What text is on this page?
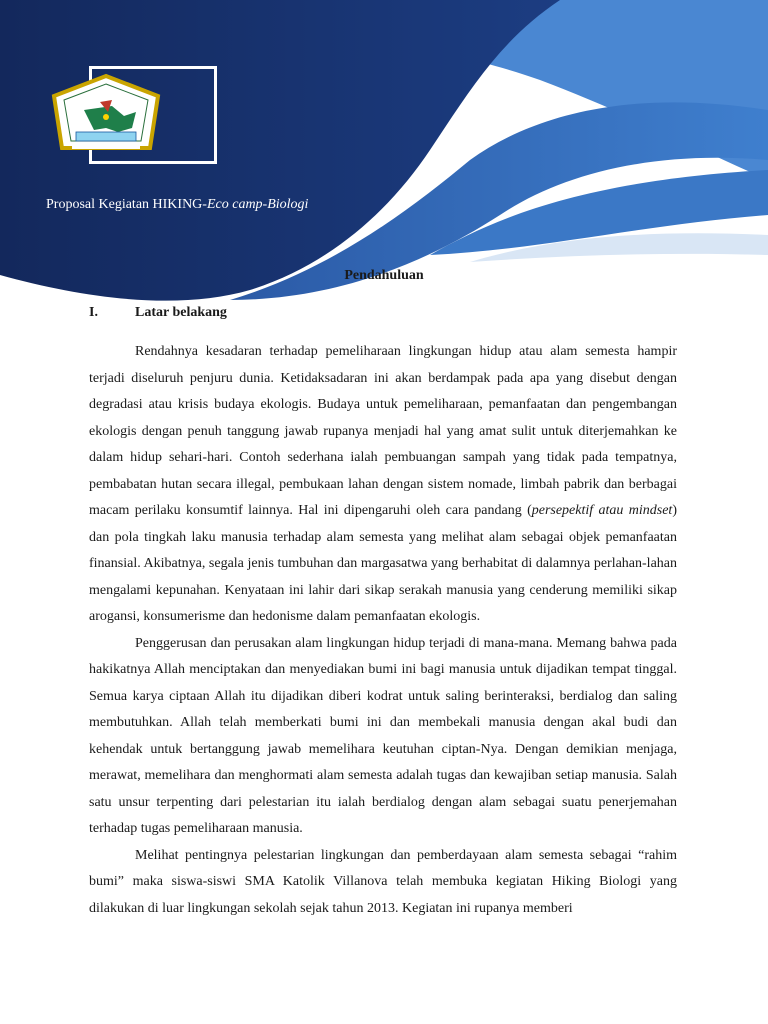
Proposal Kegiatan HIKING-Eco camp-Biologi
Pendahuluan
I.	Latar belakang

Rendahnya kesadaran terhadap pemeliharaan lingkungan hidup atau alam semesta hampir terjadi diseluruh penjuru dunia. Ketidaksadaran ini akan berdampak pada apa yang disebut dengan degradasi atau krisis budaya ekologis. Budaya untuk pemeliharaan, pemanfaatan dan pengembangan ekologis dengan penuh tanggung jawab rupanya menjadi hal yang amat sulit untuk diterjemahkan ke dalam hidup sehari-hari. Contoh sederhana ialah pembuangan sampah yang tidak pada tempatnya, pembabatan hutan secara illegal, pembukaan lahan dengan sistem nomade, limbah pabrik dan berbagai macam perilaku konsumtif lainnya. Hal ini dipengaruhi oleh cara pandang (persepektif atau mindset) dan pola tingkah laku manusia terhadap alam semesta yang melihat alam sebagai objek pemanfaatan finansial. Akibatnya, segala jenis tumbuhan dan margasatwa yang berhabitat di dalamnya perlahan-lahan mengalami kepunahan. Kenyataan ini lahir dari sikap serakah manusia yang cenderung memiliki sikap arogansi, konsumerisme dan hedonisme dalam pemanfaatan ekologis.

Penggerusan dan perusakan alam lingkungan hidup terjadi di mana-mana. Memang bahwa pada hakikatnya Allah menciptakan dan menyediakan bumi ini bagi manusia untuk dijadikan tempat tinggal. Semua karya ciptaan Allah itu dijadikan diberi kodrat untuk saling berinteraksi, berdialog dan saling membutuhkan. Allah telah memberkati bumi ini dan membekali manusia dengan akal budi dan kehendak untuk bertanggung jawab memelihara keutuhan ciptan-Nya. Dengan demikian menjaga, merawat, memelihara dan menghormati alam semesta adalah tugas dan kewajiban setiap manusia. Salah satu unsur terpenting dari pelestarian itu ialah berdialog dengan alam sebagai suatu penerjemahan terhadap tugas pemeliharaan manusia.

Melihat pentingnya pelestarian lingkungan dan pemberdayaan alam semesta sebagai “rahim bumi” maka siswa-siswi SMA Katolik Villanova telah membuka kegiatan Hiking Biologi yang dilakukan di luar lingkungan sekolah sejak tahun 2013. Kegiatan ini rupanya memberi
